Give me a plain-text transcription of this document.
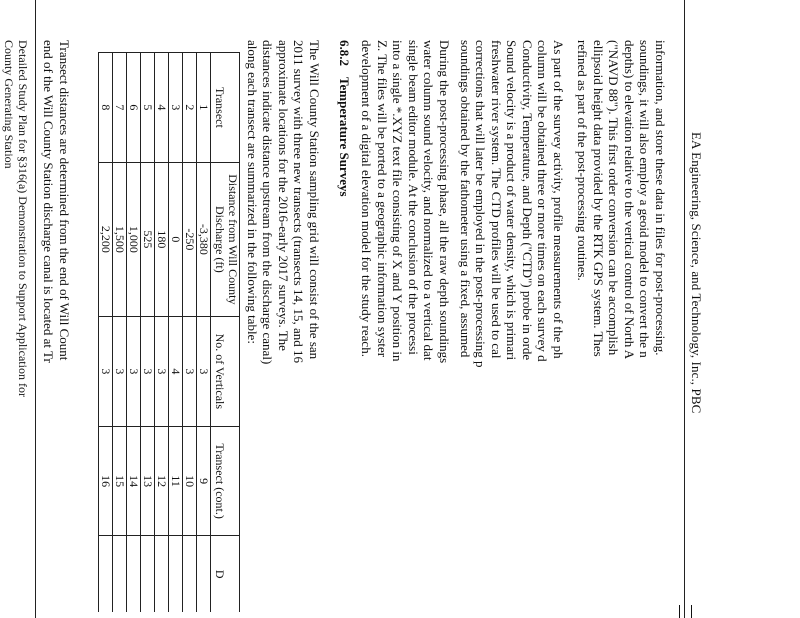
EA Engineering, Science, and Technology, Inc., PBC

information, and store these data in files for post-processing.
soundings, it will also employ a geoid model to convert the n
depths) to elevation relative to the vertical control of North A
("NAVD 88"). This first order conversion can be accomplish
ellipsoid height data provided by the RTK GPS system. Thes
refined as part of the post-processing routines.

As part of the survey activity, profile measurements of the ph
column will be obtained three or more times on each survey d
Conductivity, Temperature, and Depth ("CTD") probe in orde
Sound velocity is a product of water density, which is primari
freshwater river system. The CTD profiles will be used to cal
corrections that will later be employed in the post-processing p
soundings obtained by the fathometer using a fixed, assumed

During the post-processing phase, all the raw depth soundings
water column sound velocity, and normalized to a vertical dat
single beam editor module. At the conclusion of the processi
into a single *.XYZ text file consisting of X and Y position in
Z. The files will be ported to a geographic information syster
development of a digital elevation model for the study reach.

6.8.2 Temperature Surveys

The Will County Station sampling grid will consist of the san
2011 survey with three new transects (transects 14, 15, and 16
approximate locations for the 2016-early 2017 surveys. The
distances indicate distance upstream from the discharge canal)
along each transect are summarized in the following table:

Transect	Distance from Will County Discharge (ft)	No. of Verticals	Transect (cont.)	D
1	-3,380	3	9	
2	-250	3	10	
3	0	4	11	
4	180	3	12	
5	525	3	13	
6	1,000	3	14	
7	1,500	3	15	
8	2,200	3	16	

Transect distances are determined from the end of Will Count
end of the Will County Station discharge canal is located at Tr

Detailed Study Plan for §316(a) Demonstration to Support Application for
County Generating Station
